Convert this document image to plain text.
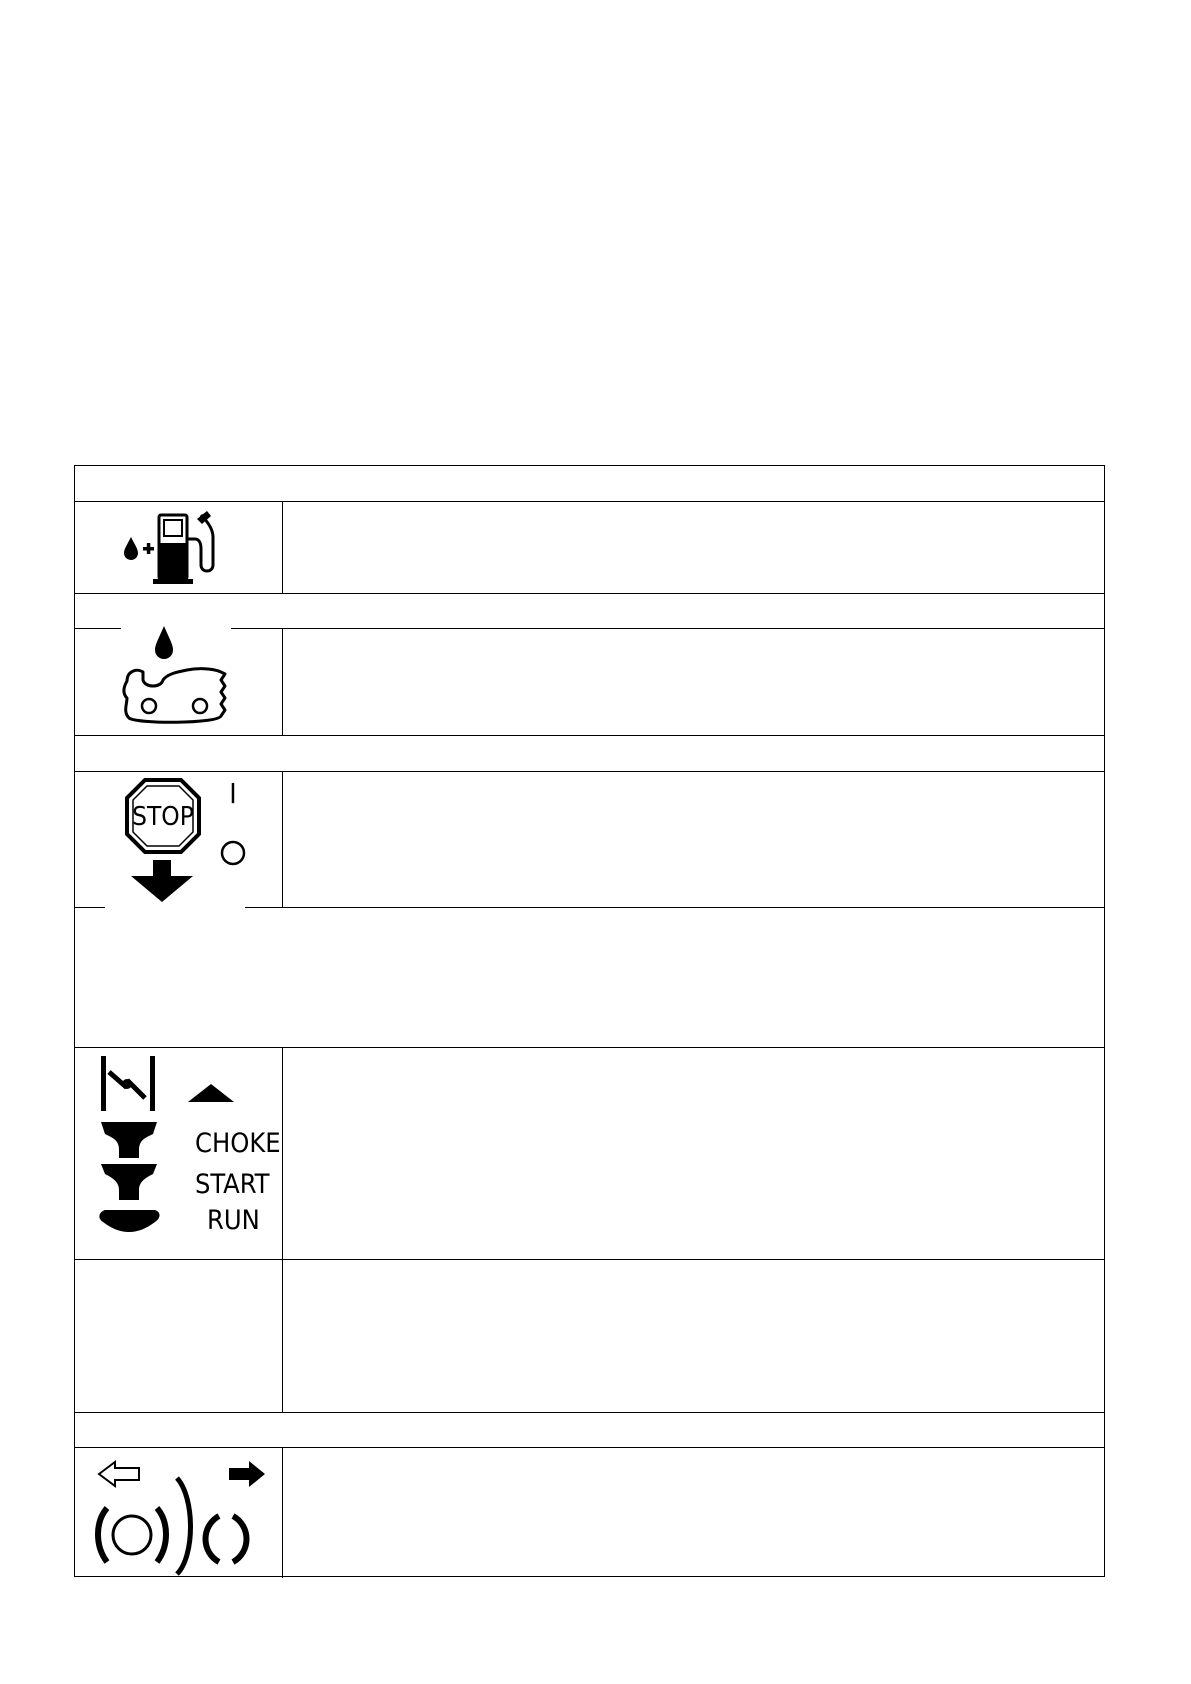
STOP
I
CHOKE
START
RUN
